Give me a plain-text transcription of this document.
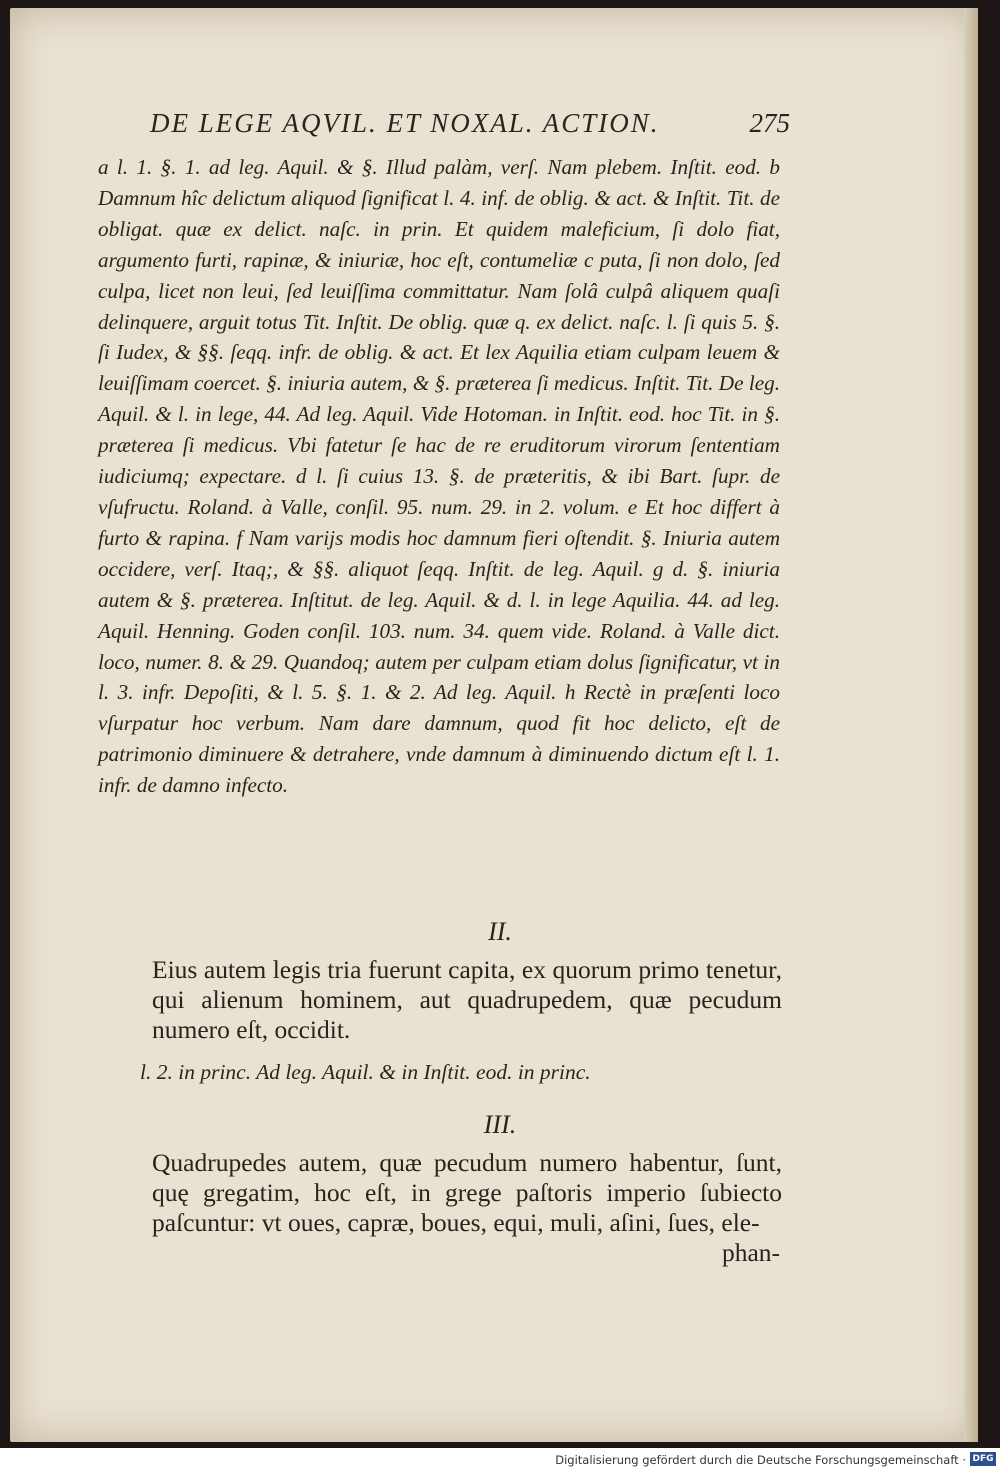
DE LEGE AQVIL. ET NOXAL. ACTION.	275

a l. 1. §. 1. ad leg. Aquil. & §. Illud palàm, verſ. Nam plebem. Inſtit. eod. b Damnum hîc delictum aliquod ſignificat l. 4. inf. de oblig. & act. & Inſtit. Tit. de obligat. quæ ex delict. naſc. in prin. Et quidem maleficium, ſi dolo fiat, argumento furti, rapinæ, & iniuriæ, hoc eſt, contumeliæ c puta, ſi non dolo, ſed culpa, licet non leui, ſed leuiſſima committatur. Nam ſolâ culpâ aliquem quaſi delinquere, arguit totus Tit. Inſtit. De oblig. quæ q. ex delict. naſc. l. ſi quis 5. §. ſi Iudex, & §§. ſeqq. infr. de oblig. & act. Et lex Aquilia etiam culpam leuem & leuiſſimam coercet. §. iniuria autem, & §. præterea ſi medicus. Inſtit. Tit. De leg. Aquil. & l. in lege, 44. Ad leg. Aquil. Vide Hotoman. in Inſtit. eod. hoc Tit. in §. præterea ſi medicus. Vbi fatetur ſe hac de re eruditorum virorum ſententiam iudiciumq; expectare. d l. ſi cuius 13. §. de præteritis, & ibi Bart. ſupr. de vſufructu. Roland. à Valle, conſil. 95. num. 29. in 2. volum. e Et hoc differt à furto & rapina. f Nam varijs modis hoc damnum fieri oſtendit. §. Iniuria autem occidere, verſ. Itaq;, & §§. aliquot ſeqq. Inſtit. de leg. Aquil. g d. §. iniuria autem & §. præterea. Inſtitut. de leg. Aquil. & d. l. in lege Aquilia. 44. ad leg. Aquil. Henning. Goden conſil. 103. num. 34. quem vide. Roland. à Valle dict. loco, numer. 8. & 29. Quandoq; autem per culpam etiam dolus ſignificatur, vt in l. 3. infr. Depoſiti, & l. 5. §. 1. & 2. Ad leg. Aquil. h Rectè in præſenti loco vſurpatur hoc verbum. Nam dare damnum, quod fit hoc delicto, eſt de patrimonio diminuere & detrahere, vnde damnum à diminuendo dictum eſt l. 1. infr. de damno infecto.

II.

Eius autem legis tria fuerunt capita, ex quorum primo tenetur, qui alienum hominem, aut quadrupedem, quæ pecudum numero eſt, occidit.

l. 2. in princ. Ad leg. Aquil. & in Inſtit. eod. in princ.
III.

Quadrupedes autem, quæ pecudum numero habentur, ſunt, quę gregatim, hoc eſt, in grege paſtoris imperio ſubiecto paſcuntur: vt oues, capræ, boues, equi, muli, aſini, ſues, ele-

phan-
Digitalisierung gefördert durch die Deutsche Forschungsgemeinschaft · DFG
